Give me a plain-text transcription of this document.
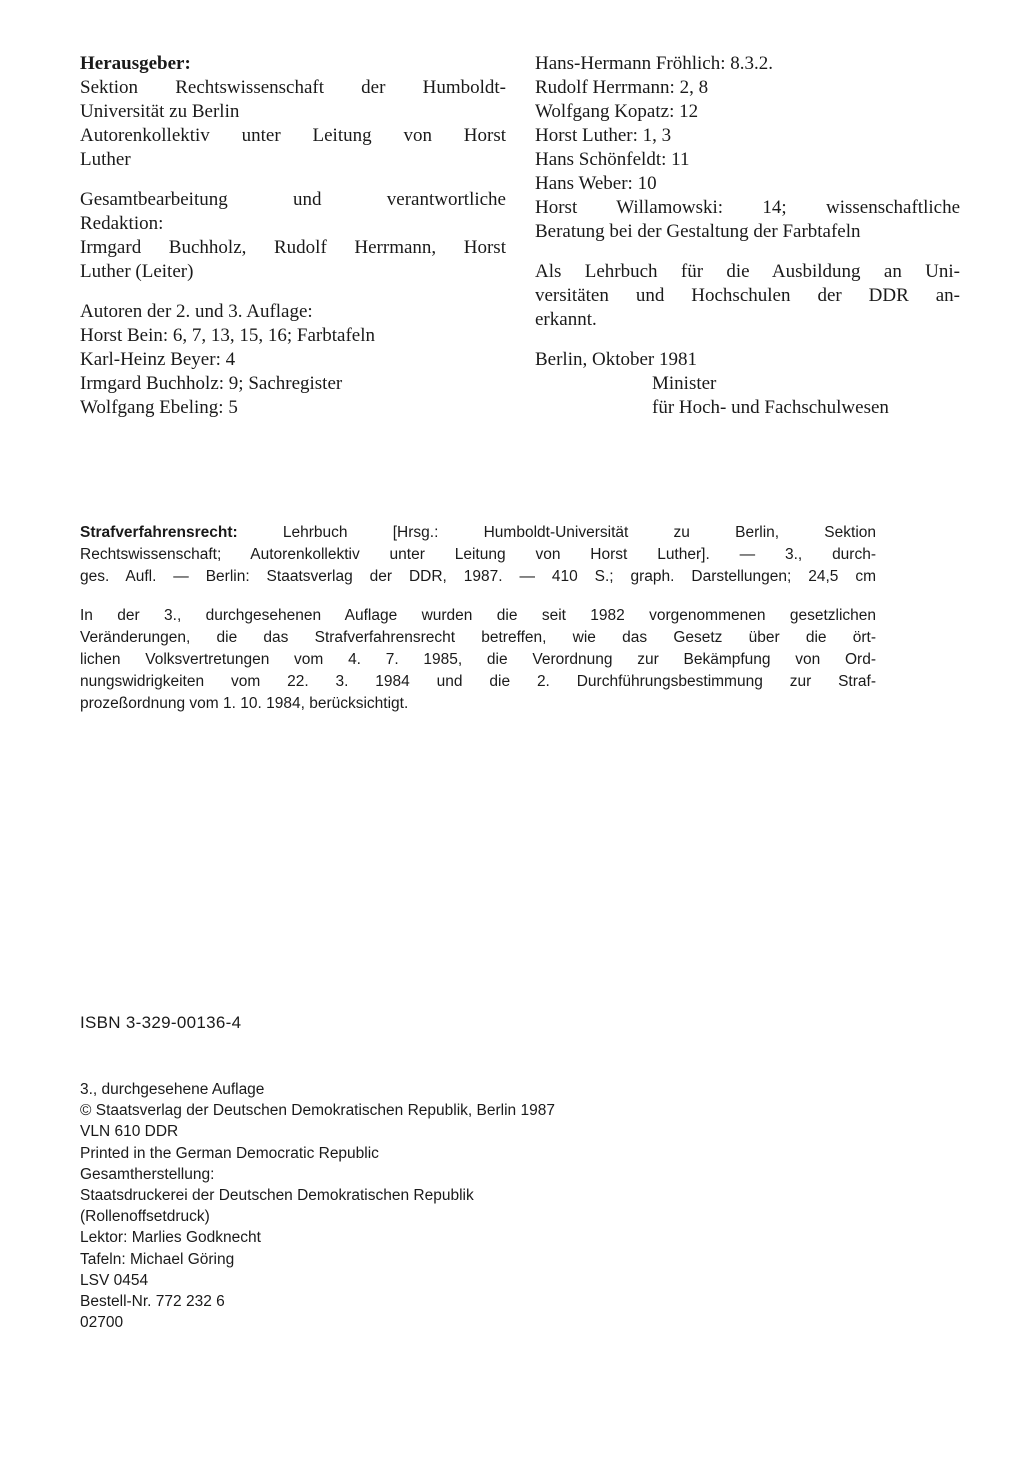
Herausgeber:
Sektion Rechtswissenschaft der Humboldt-
Universität zu Berlin
Autorenkollektiv unter Leitung von Horst
Luther
Gesamtbearbeitung und verantwortliche
Redaktion:
Irmgard Buchholz, Rudolf Herrmann, Horst
Luther (Leiter)
Autoren der 2. und 3. Auflage:
Horst Bein: 6, 7, 13, 15, 16; Farbtafeln
Karl-Heinz Beyer: 4
Irmgard Buchholz: 9; Sachregister
Wolfgang Ebeling: 5
Hans-Hermann Fröhlich: 8.3.2.
Rudolf Herrmann: 2, 8
Wolfgang Kopatz: 12
Horst Luther: 1, 3
Hans Schönfeldt: 11
Hans Weber: 10
Horst Willamowski: 14; wissenschaftliche
Beratung bei der Gestaltung der Farbtafeln
Als Lehrbuch für die Ausbildung an Uni-
versitäten und Hochschulen der DDR an-
erkannt.
Berlin, Oktober 1981
Minister
für Hoch- und Fachschulwesen
Strafverfahrensrecht:	Lehrbuch [Hrsg.: Humboldt-Universität zu Berlin, Sektion
Rechtswissenschaft; Autorenkollektiv unter Leitung von Horst Luther]. — 3., durch-
ges. Aufl. — Berlin: Staatsverlag der DDR, 1987. — 410 S.; graph. Darstellungen; 24,5 cm
In der 3., durchgesehenen Auflage wurden die seit 1982 vorgenommenen gesetzlichen
Veränderungen, die das Strafverfahrensrecht betreffen, wie das Gesetz über die ört-
lichen Volksvertretungen vom 4. 7. 1985, die Verordnung zur Bekämpfung von Ord-
nungswidrigkeiten vom 22. 3. 1984 und die 2. Durchführungsbestimmung zur Straf-
prozeßordnung vom 1. 10. 1984, berücksichtigt.
ISBN 3-329-00136-4
3., durchgesehene Auflage
© Staatsverlag der Deutschen Demokratischen Republik, Berlin 1987
VLN 610 DDR
Printed in the German Democratic Republic
Gesamtherstellung:
Staatsdruckerei der Deutschen Demokratischen Republik
(Rollenoffsetdruck)
Lektor: Marlies Godknecht
Tafeln: Michael Göring
LSV 0454
Bestell-Nr. 772 232 6
02700
